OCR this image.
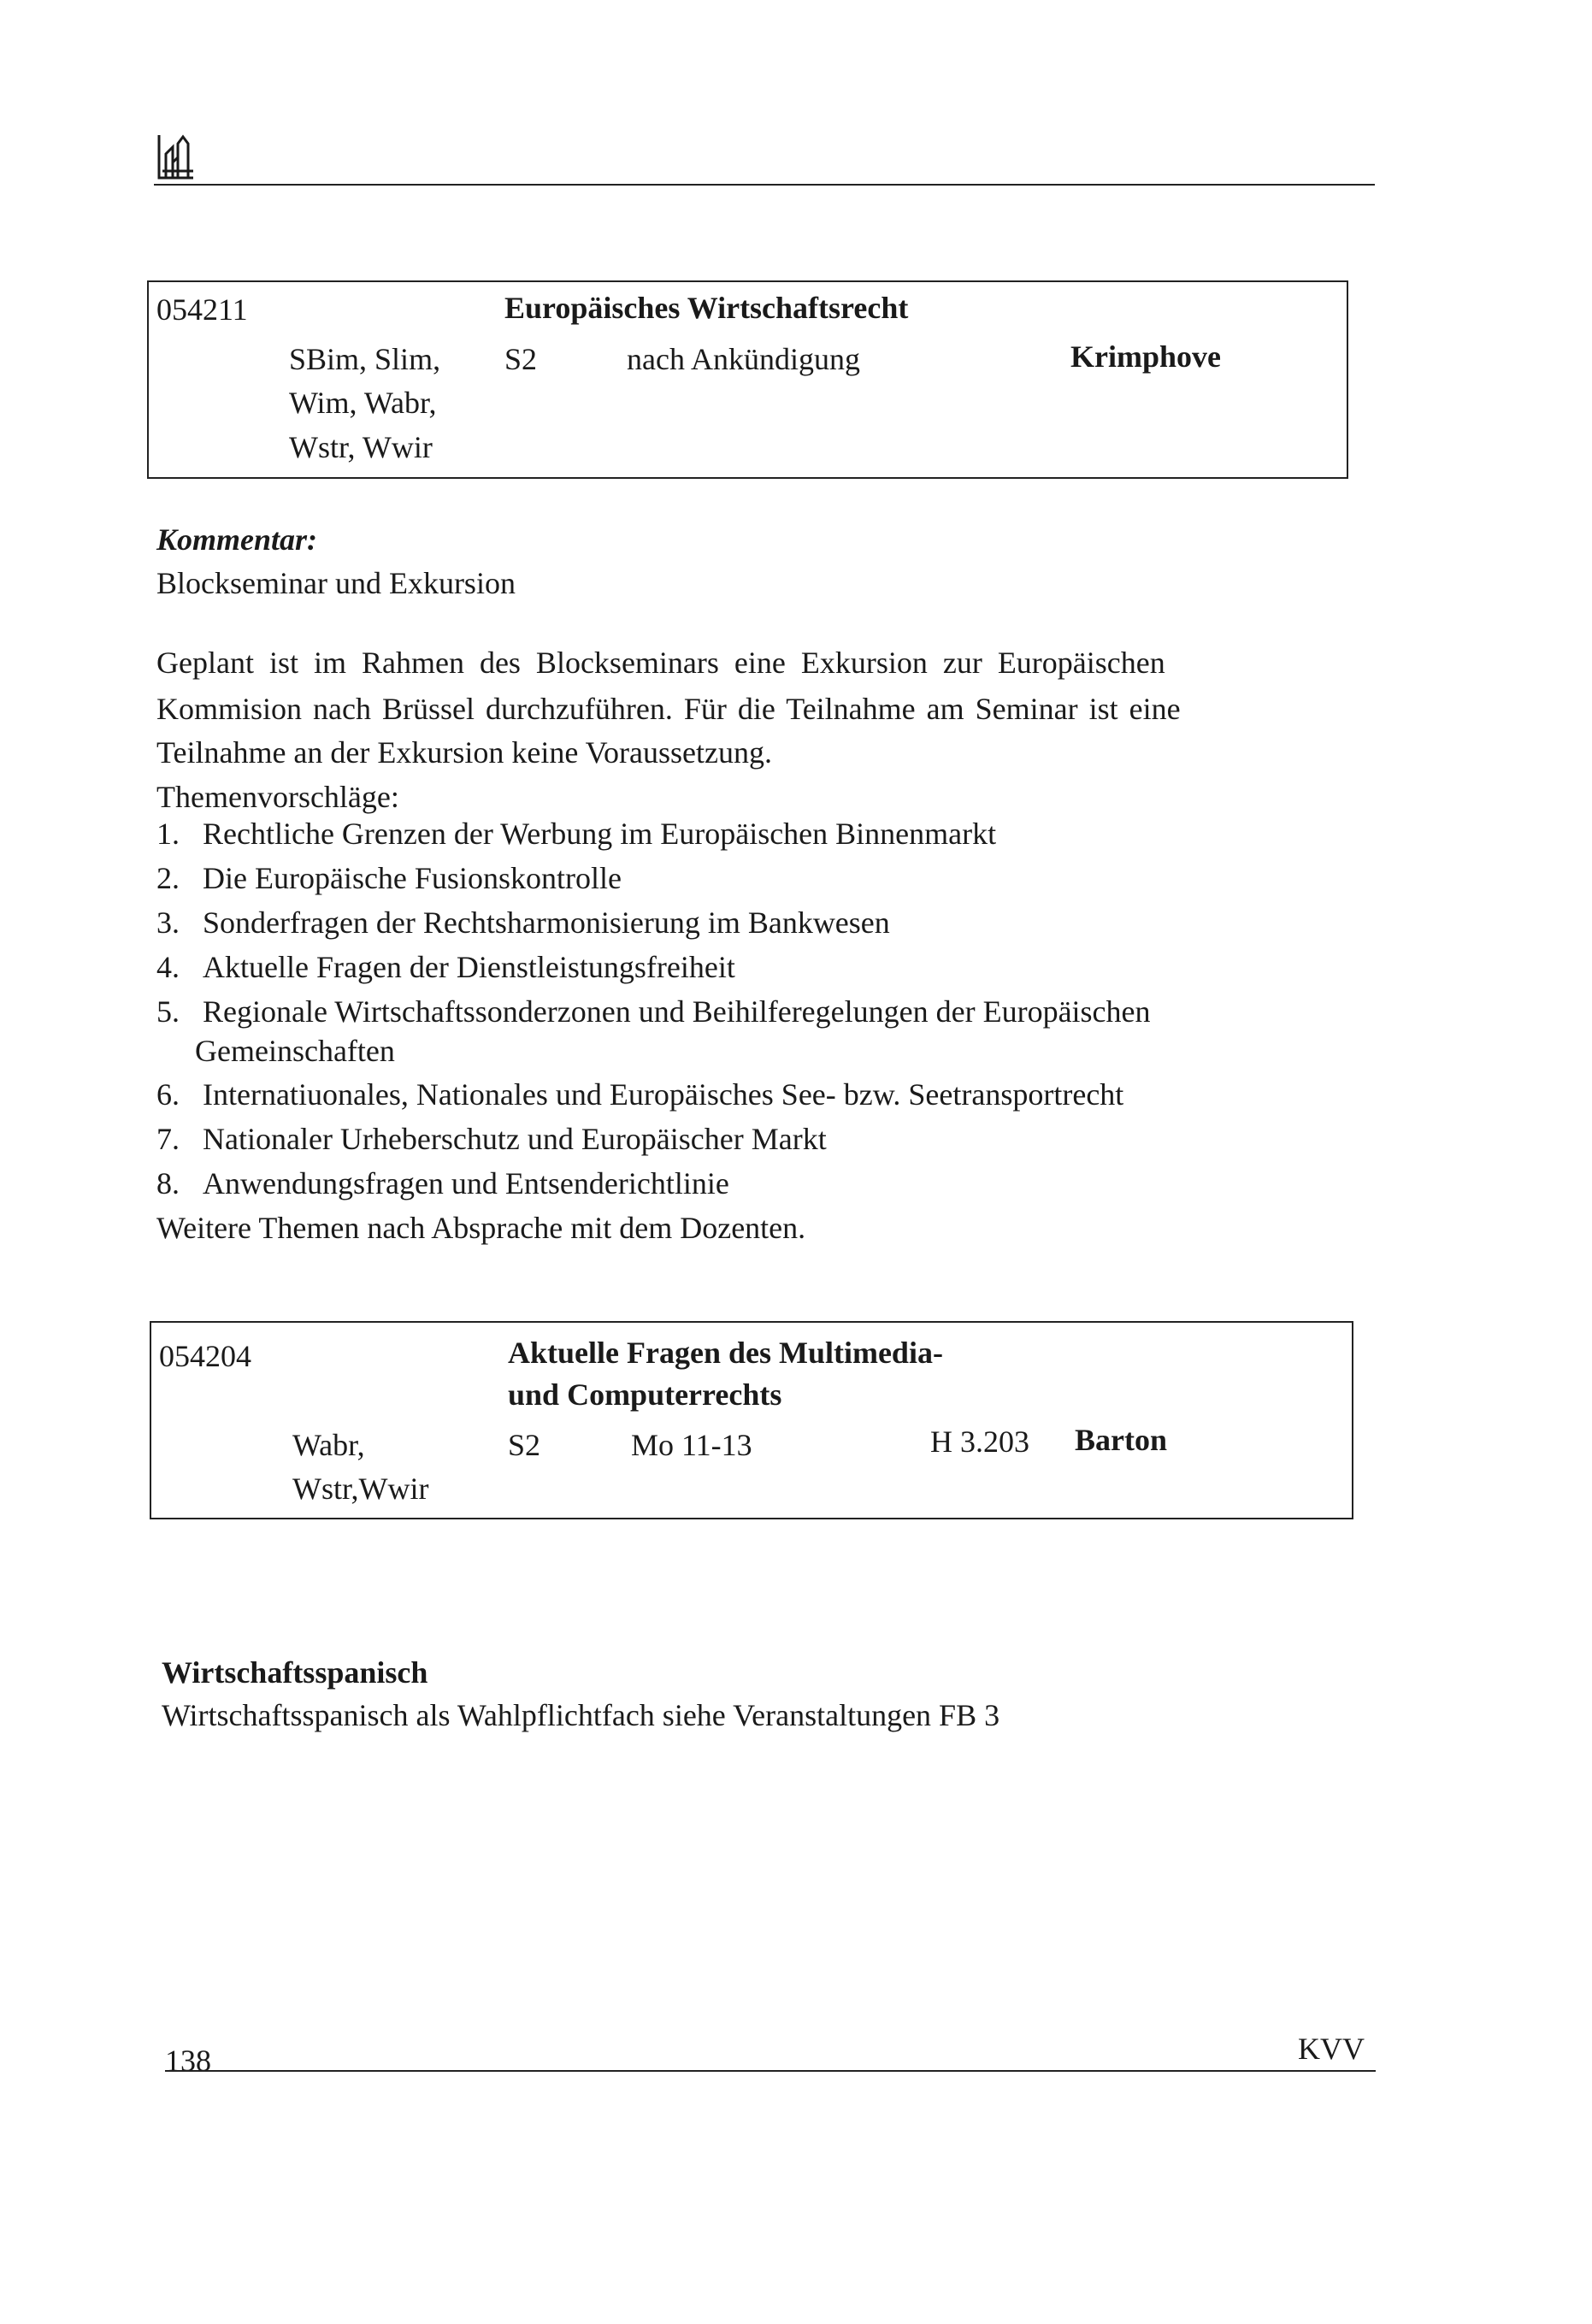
054211	Europäisches Wirtschaftsrecht
SBim, Slim,
Wim, Wabr,
Wstr, Wwir
S2	nach Ankündigung	Krimphove
Kommentar:
Blockseminar und Exkursion
Geplant ist im Rahmen des Blockseminars eine Exkursion zur Europäischen
Kommision nach Brüssel durchzuführen. Für die Teilnahme am Seminar ist eine
Teilnahme an der Exkursion keine Voraussetzung.
Themenvorschläge:
1. Rechtliche Grenzen der Werbung im Europäischen Binnenmarkt
2. Die Europäische Fusionskontrolle
3. Sonderfragen der Rechtsharmonisierung im Bankwesen
4. Aktuelle Fragen der Dienstleistungsfreiheit
5. Regionale Wirtschaftssonderzonen und Beihilferegelungen der Europäischen
Gemeinschaften
6. Internatiuonales, Nationales und Europäisches See- bzw. Seetransportrecht
7. Nationaler Urheberschutz und Europäischer Markt
8. Anwendungsfragen und Entsenderichtlinie
Weitere Themen nach Absprache mit dem Dozenten.
054204	Aktuelle Fragen des Multimedia-
und Computerrechts
Wabr,
Wstr,Wwir
S2	Mo 11-13	H 3.203 Barton
Wirtschaftsspanisch
Wirtschaftsspanisch als Wahlpflichtfach siehe Veranstaltungen FB 3
138	KVV
